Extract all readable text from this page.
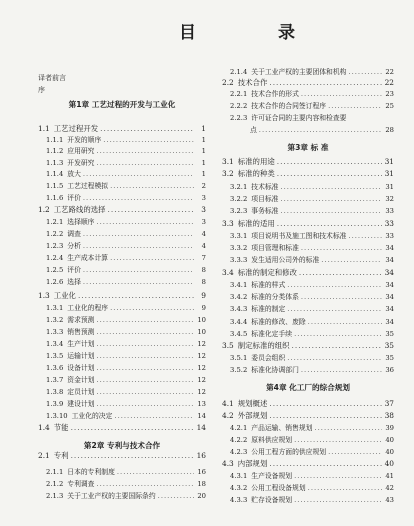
目 录
译者前言
序
第1章 工艺过程的开发与工业化
1.1 工艺过程开发 .....	1
1.1.1 开发的顺序 .....	1
1.1.2 应用研究 .....	1
1.1.3 开发研究 .....	1
1.1.4 放大 .....	1
1.1.5 工艺过程模拟 .....	2
1.1.6 评价 .....	3
1.2 工艺路线的选择 .....	3
1.2.1 选择顺序 .....	3
1.2.2 调查 .....	4
1.2.3 分析 .....	4
1.2.4 生产成本计算 .....	7
1.2.5 评价 .....	8
1.2.6 选择 .....	8
1.3 工业化 .....	9
1.3.1 工业化的程序 .....	9
1.3.2 需求预测 .....	10
1.3.3 销售预测 .....	10
1.3.4 生产计划 .....	12
1.3.5 运输计划 .....	12
1.3.6 设备计划 .....	12
1.3.7 资金计划 .....	12
1.3.8 定员计划 .....	12
1.3.9 建设计划 .....	13
1.3.10 工业化的决定 .....	14
1.4 节能 .....	14
第2章 专利与技术合作
2.1 专利 .....	16
2.1.1 日本的专利制度 .....	16
2.1.2 专利调查 .....	18
2.1.3 关于工业产权的主要国际条约 .....	20
2.1.4 关于工业产权的主要团体和机构 .....	22
2.2 技术合作 .....	22
2.2.1 技术合作的形式 .....	23
2.2.2 技术合作的合同签订程序 .....	25
2.2.3 许可证合同的主要内容和检查要
点 .....	28
第3章 标 准
3.1 标准的用途 .....	31
3.2 标准的种类 .....	31
3.2.1 技术标准 .....	31
3.2.2 项目标准 .....	32
3.2.3 事务标准 .....	33
3.3 标准的适用 .....	33
3.3.1 项目说明书及施工图和技术标准 .....	33
3.3.2 项目管理和标准 .....	34
3.3.3 发生适用公司外的标准 .....	34
3.4 标准的制定和修改 .....	34
3.4.1 标准的样式 .....	34
3.4.2 标准的分类体系 .....	34
3.4.3 标准的制定 .....	34
3.4.4 标准的修改、废除 .....	34
3.4.5 标准化定手续 .....	35
3.5 制定标准的组织 .....	35
3.5.1 委员会组织 .....	35
3.5.2 标准化协调部门 .....	36
第4章 化工厂的综合规划
4.1 规划概述 .....	37
4.2 外部规划 .....	38
4.2.1 产品运输、销售规划 .....	39
4.2.2 原料供应规划 .....	40
4.2.3 公用工程方面的供应规划 .....	40
4.3 内部规划 .....	40
4.3.1 生产设备规划 .....	41
4.3.2 公用工程设备规划 .....	42
4.3.3 贮存设备规划 .....	43
